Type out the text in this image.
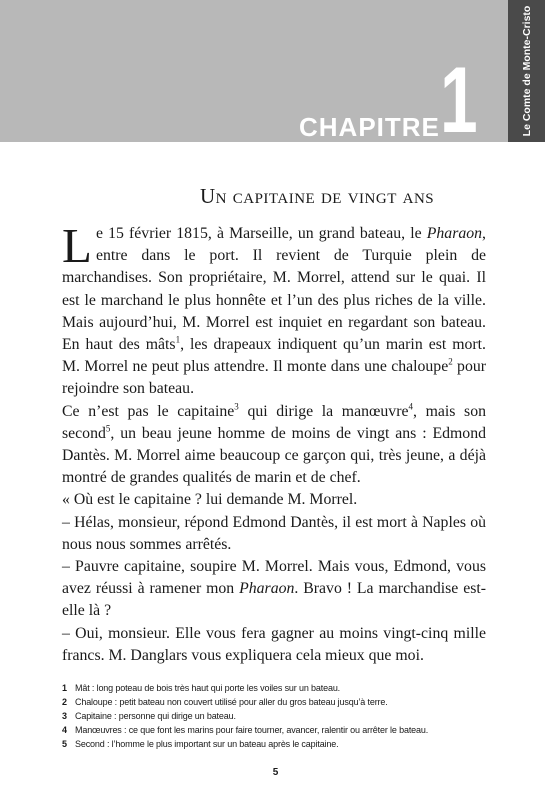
CHAPITRE 1	Le Comte de Monte-Cristo
Un capitaine de vingt ans

Le 15 février 1815, à Marseille, un grand bateau, le Pharaon, entre dans le port. Il revient de Turquie plein de marchandises. Son propriétaire, M. Morrel, attend sur le quai. Il est le marchand le plus honnête et l’un des plus riches de la ville. Mais aujourd’hui, M. Morrel est inquiet en regardant son bateau. En haut des mâts$^1$, les drapeaux indiquent qu’un marin est mort. M. Morrel ne peut plus attendre. Il monte dans une chaloupe$^2$ pour rejoindre son bateau.

Ce n’est pas le capitaine$^3$ qui dirige la manœuvre$^4$, mais son second$^5$, un beau jeune homme de moins de vingt ans : Edmond Dantès. M. Morrel aime beaucoup ce garçon qui, très jeune, a déjà montré de grandes qualités de marin et de chef.

« Où est le capitaine ? lui demande M. Morrel.

– Hélas, monsieur, répond Edmond Dantès, il est mort à Naples où nous nous sommes arrêtés.

– Pauvre capitaine, soupire M. Morrel. Mais vous, Edmond, vous avez réussi à ramener mon Pharaon. Bravo ! La marchandise est-elle là ?

– Oui, monsieur. Elle vous fera gagner au moins vingt-cinq mille francs. M. Danglars vous expliquera cela mieux que moi.

1 Mât : long poteau de bois très haut qui porte les voiles sur un bateau.
2 Chaloupe : petit bateau non couvert utilisé pour aller du gros bateau jusqu’à terre.
3 Capitaine : personne qui dirige un bateau.
4 Manœuvres : ce que font les marins pour faire tourner, avancer, ralentir ou arrêter le bateau.
5 Second : l’homme le plus important sur un bateau après le capitaine.
5
